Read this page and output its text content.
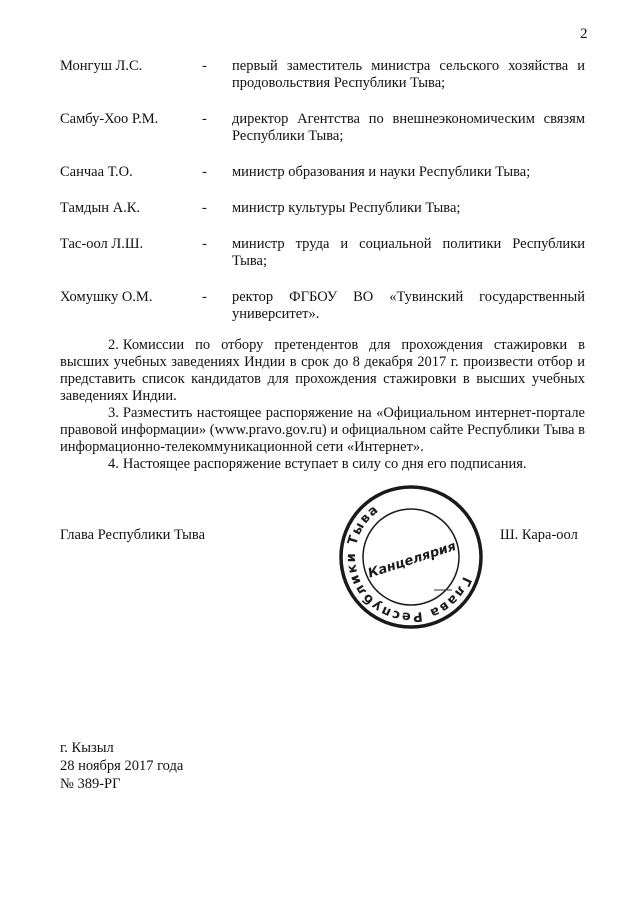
2
Монгуш Л.С.	-	первый заместитель министра сельского хозяйства и продовольствия Республики Тыва;
Самбу-Хоо Р.М.	-	директор Агентства по внешнеэкономическим связям Республики Тыва;
Санчаа Т.О.	-	министр образования и науки Республики Тыва;
Тамдын А.К.	-	министр культуры Республики Тыва;
Тас-оол Л.Ш.	-	министр труда и социальной политики Республики Тыва;
Хомушку О.М.	-	ректор ФГБОУ ВО «Тувинский государственный университет».

2. Комиссии по отбору претендентов для прохождения стажировки в высших учебных заведениях Индии в срок до 8 декабря 2017 г. произвести отбор и представить список кандидатов для прохождения стажировки в высших учебных заведениях Индии.

3. Разместить настоящее распоряжение на «Официальном интернет-портале правовой информации» (www.pravo.gov.ru) и официальном сайте Республики Тыва в информационно-телекоммуникационной сети «Интернет».

4. Настоящее распоряжение вступает в силу со дня его подписания.

Глава Республики Тыва	Ш. Кара-оол
Глава Республики Тыва
Канцелярия
г. Кызыл
28 ноября 2017 года
№ 389-РГ
